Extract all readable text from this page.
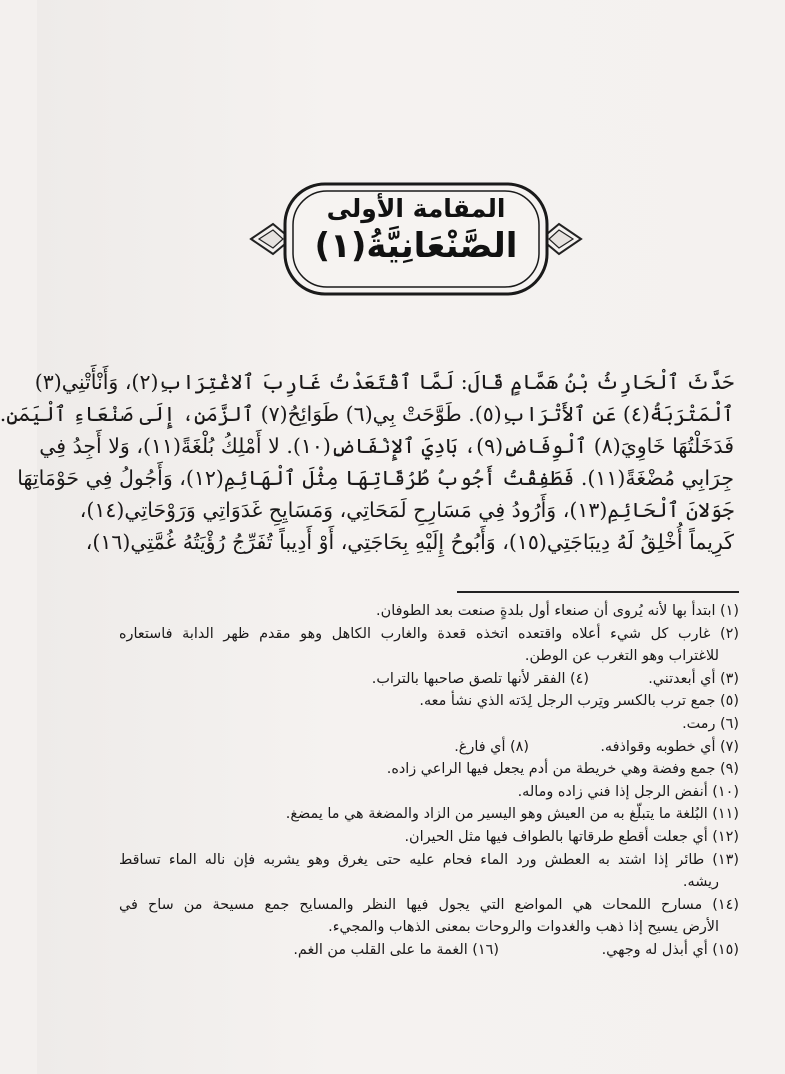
المقامة الأولى
الصَّنْعَانِيَّةُ(١)
حَدَّثَ ٱلْحَارِثُ بْنُ هَمَّامٍ قَالَ: لَمَّا ٱقْتَعَدْتُ غَارِبَ ٱلاغْتِرَابِ(٢)، وَأَنْأَتْنِي(٣)
ٱلْمَتْرَبَةُ(٤) عَنِ ٱلأَتْرَابِ(٥). طَوَّحَتْ بِي(٦) طَوَائِحُ(٧) ٱلزَّمَنِ، إِلَى صَنْعَاءِ ٱلْيَمَنِ.
فَدَخَلْتُهَا خَاوِيَ(٨) ٱلْوِفَاضِ(٩)، بَادِيَ ٱلإِنْفَاضِ(١٠). لا أَمْلِكُ بُلْغَةً(١١)، وَلا أَجِدُ فِي
جِرَابِي مُضْغَةً(١١). فَطَفِقْتُ أَجُوبُ طُرُقَاتِهَا مِثْلَ ٱلْهَائِمِ(١٢)، وَأَجُولُ فِي حَوْمَاتِهَا
جَوَلانَ ٱلْحَائِمِ(١٣)، وَأَرُودُ فِي مَسَارِحِ لَمَحَاتِي، وَمَسَايِحِ غَدَوَاتِي وَرَوْحَاتِي(١٤)،
كَرِيماً أُخْلِقُ لَهُ دِيبَاجَتِي(١٥)، وَأَبُوحُ إِلَيْهِ بِحَاجَتِي، أَوْ أَدِيباً تُفَرِّجُ رُؤْيَتُهُ غُمَّتِي(١٦)،
(١) ابتدأ بها لأنه يُروى أن صنعاء أول بلدةٍ صنعت بعد الطوفان.
(٢) غارب كل شيء أعلاه واقتعده اتخذه قعدة والغارب الكاهل وهو مقدم ظهر الدابة فاستعاره
للاغتراب وهو التغرب عن الوطن.
(٣) أي أبعدتني.
(٤) الفقر لأنها تلصق صاحبها بالتراب.
(٥) جمع ترب بالكسر وتِرب الرجل لِدَته الذي نشأ معه.
(٦) رمت.
(٧) أي خطوبه وقواذفه.
(٨) أي فارغ.
(٩) جمع وفضة وهي خريطة من أدم يجعل فيها الراعي زاده.
(١٠) أنفض الرجل إذا فني زاده وماله.
(١١) البُلغة ما يتبلّغ به من العيش وهو اليسير من الزاد والمضغة هي ما يمضغ.
(١٢) أي جعلت أقطع طرقاتها بالطواف فيها مثل الحيران.
(١٣) طائر إذا اشتد به العطش ورد الماء فحام عليه حتى يغرق وهو يشربه فإن ناله الماء تساقط
ريشه.
(١٤) مسارح اللمحات هي المواضع التي يجول فيها النظر والمسايح جمع مسيحة من ساح في
الأرض يسيح إذا ذهب والغدوات والروحات بمعنى الذهاب والمجيء.
(١٥) أي أبذل له وجهي.
(١٦) الغمة ما على القلب من الغم.
